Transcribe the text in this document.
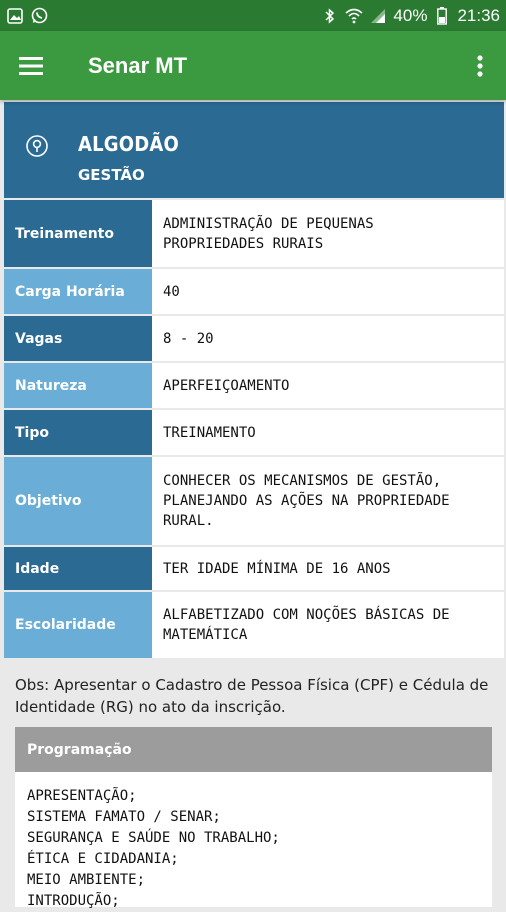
40% 21:36
Senar MT
ALGODÃO
GESTÃO
Treinamento	ADMINISTRAÇÃO DE PEQUENAS
PROPRIEDADES RURAIS

Carga Horária	40

Vagas	8 - 20

Natureza	APERFEIÇOAMENTO

Tipo	TREINAMENTO

Objetivo	CONHECER OS MECANISMOS DE GESTÃO,
PLANEJANDO AS AÇÕES NA PROPRIEDADE
RURAL.

Idade	TER IDADE MÍNIMA DE 16 ANOS

Escolaridade	ALFABETIZADO COM NOÇÕES BÁSICAS DE
MATEMÁTICA
Obs: Apresentar o Cadastro de Pessoa Física (CPF) e Cédula de Identidade (RG) no ato da inscrição.
Programação
APRESENTAÇÃO;
SISTEMA FAMATO / SENAR;
SEGURANÇA E SAÚDE NO TRABALHO;
ÉTICA E CIDADANIA;
MEIO AMBIENTE;
INTRODUÇÃO;
